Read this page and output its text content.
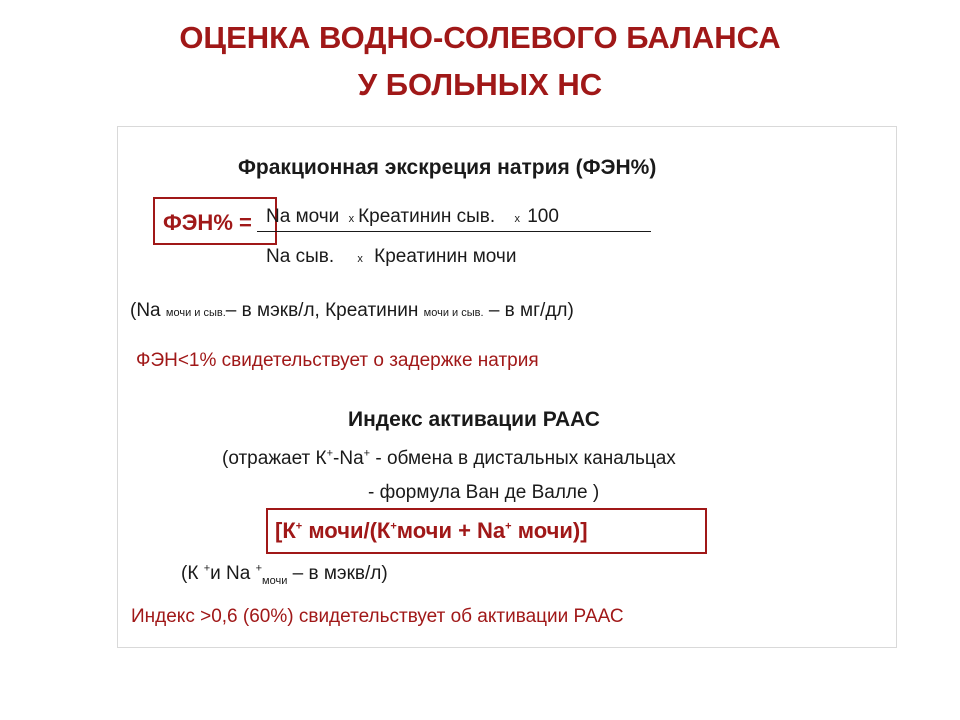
ОЦЕНКА ВОДНО-СОЛЕВОГО БАЛАНСА
У БОЛЬНЫХ НС
Фракционная экскреция натрия (ФЭН%)
ФЭН% = Na мочи x Креатинин сыв. x 100
Na сыв. x Креатинин мочи
(Na мочи и сыв.– в мэкв/л, Креатинин мочи и сыв. – в мг/дл)
ФЭН<1% свидетельствует о задержке натрия
Индекс активации РААС
(отражает К+-Na+ - обмена в дистальных канальцах
- формула Ван де Валле )
[К+ мочи/(К+мочи + Na+ мочи)]
(К +и Na +$_{мочи}$ – в мэкв/л)
Индекс >0,6 (60%) свидетельствует об активации РААС
